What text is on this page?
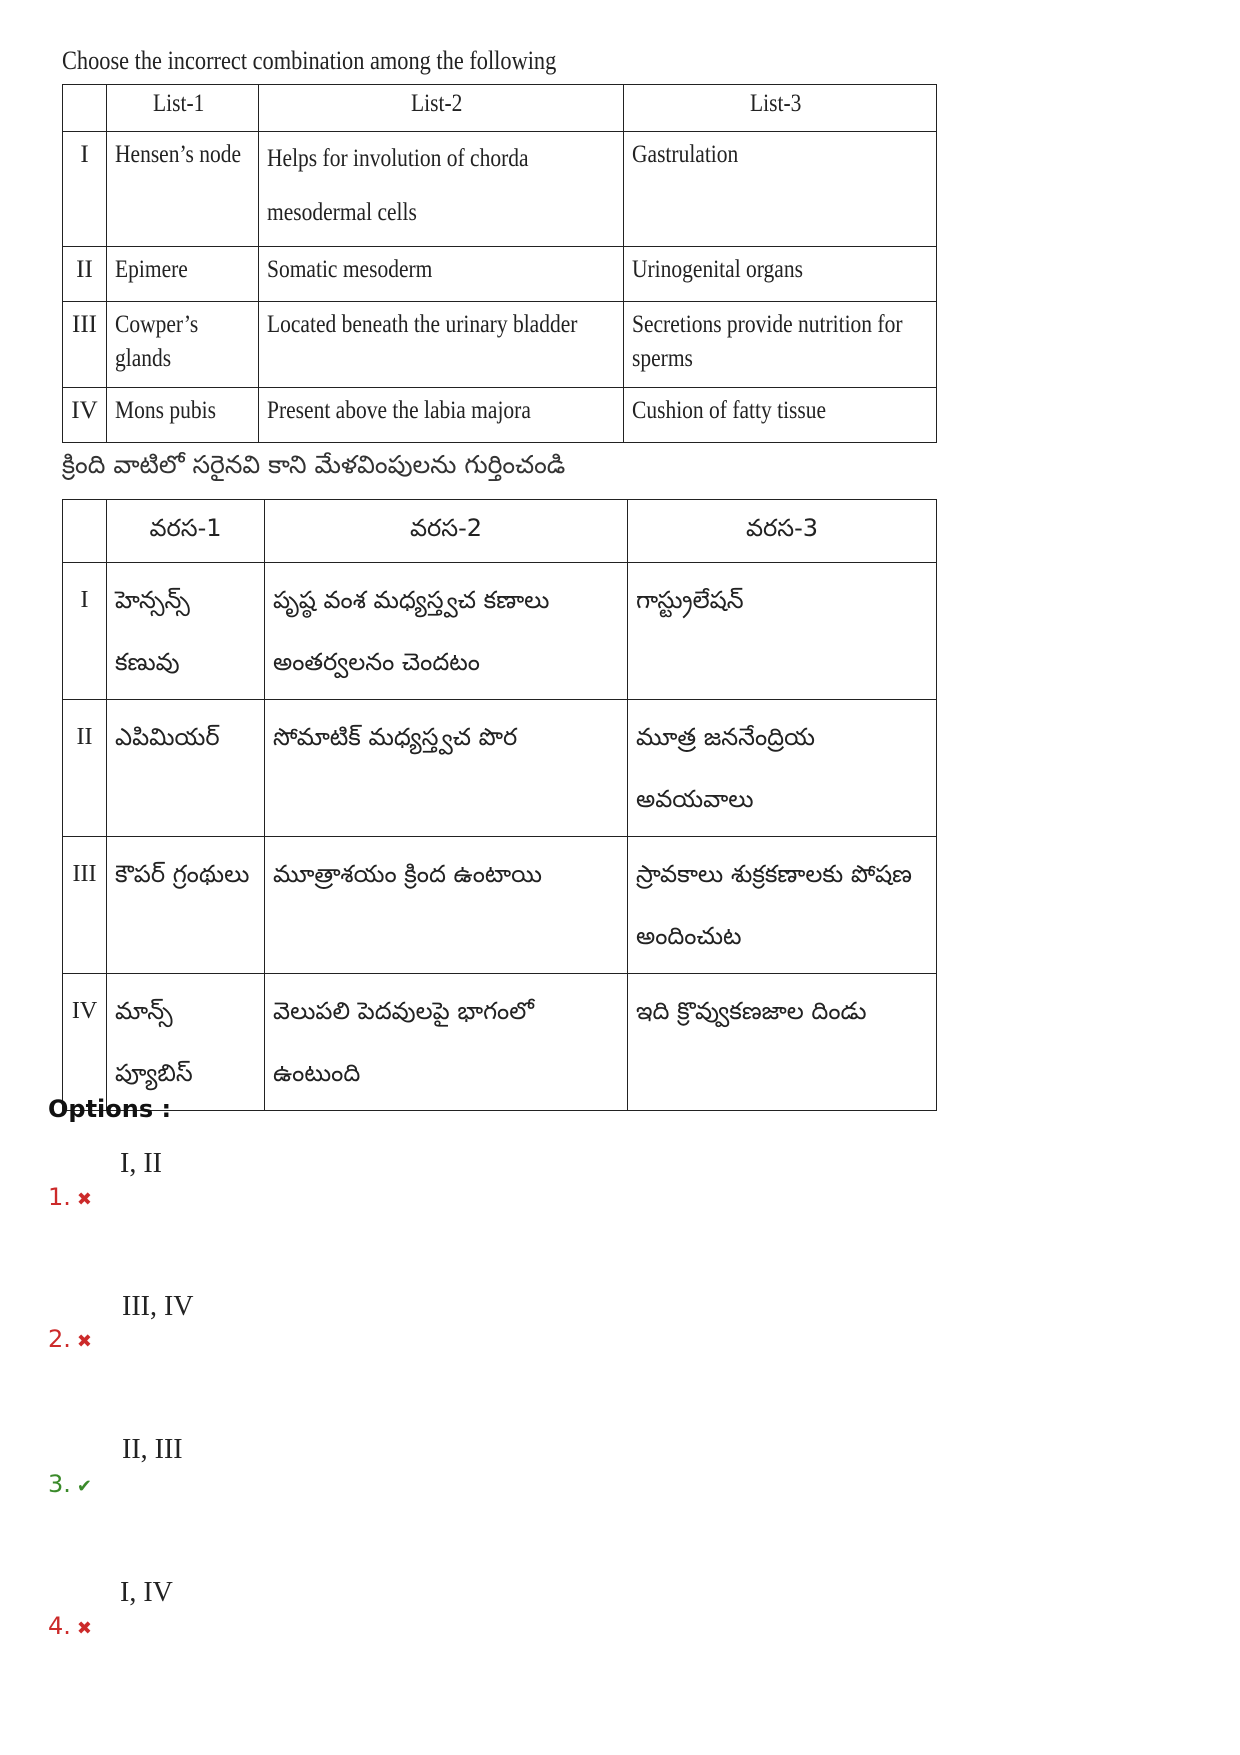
Choose the incorrect combination among the following
	List-1	List-2	List-3
I	Hensen’s node	Helps for involution of chorda mesodermal cells	Gastrulation
II	Epimere	Somatic mesoderm	Urinogenital organs
III	Cowper’s glands	Located beneath the urinary bladder	Secretions provide nutrition for sperms
IV	Mons pubis	Present above the labia majora	Cushion of fatty tissue
క్రింది వాటిలో సరైనవి కాని మేళవింపులను గుర్తించండి
	వరస-1	వరస-2	వరస-3
I	హెన్సన్స్ కణువు	పృష్ఠ వంశ మధ్యస్త్వచ కణాలు అంతర్వలనం చెందటం	గాస్ట్రులేషన్
II	ఎపిమియర్	సోమాటిక్ మధ్యస్త్వచ పొర	మూత్ర జననేంద్రియ అవయవాలు
III	కౌపర్ గ్రంథులు	మూత్రాశయం క్రింద ఉంటాయి	స్రావకాలు శుక్రకణాలకు పోషణ అందించుట
IV	మాన్స్ ప్యూబిస్	వెలుపలి పెదవులపై భాగంలో ఉంటుంది	ఇది క్రొవ్వుకణజాల దిండు
Options :
1. ✖
I, II
2. ✖
III, IV
3. ✔
II, III
4. ✖
I, IV
